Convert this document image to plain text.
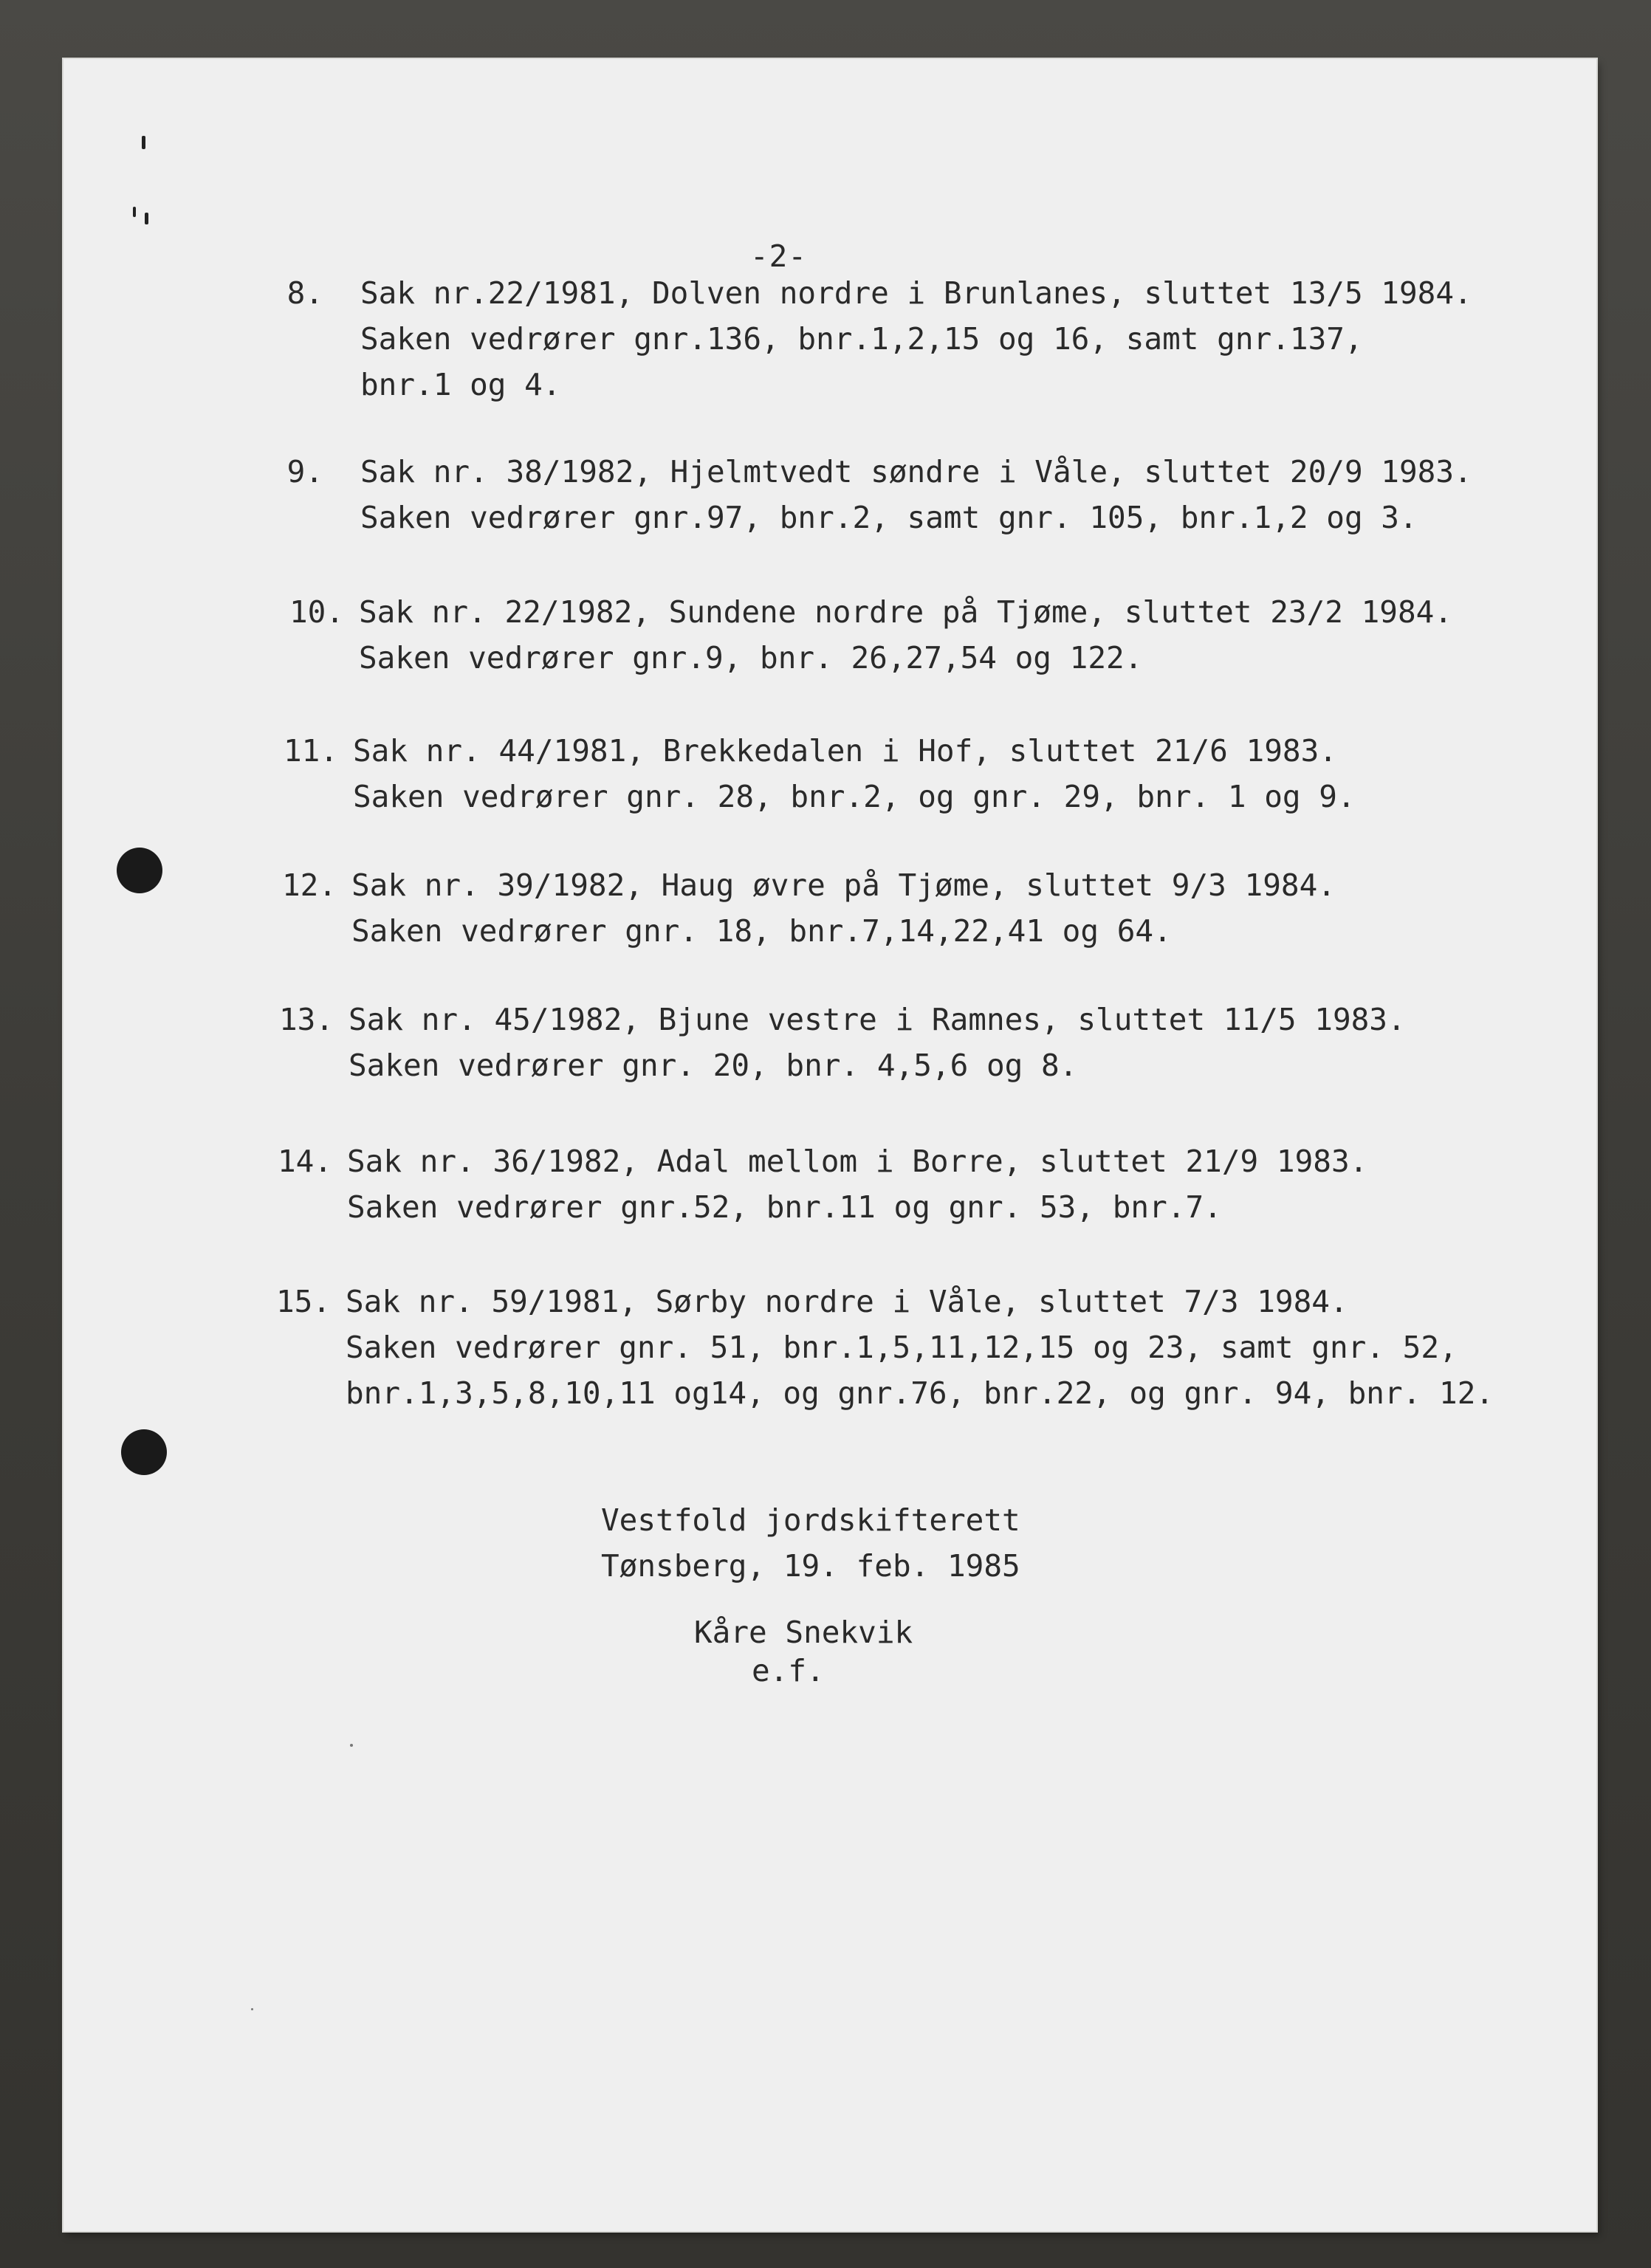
-2-
8. Sak nr.22/1981, Dolven nordre i Brunlanes, sluttet 13/5 1984.
Saken vedrører gnr.136, bnr.1,2,15 og 16, samt gnr.137,
bnr.1 og 4.
9. Sak nr. 38/1982, Hjelmtvedt søndre i Våle, sluttet 20/9 1983.
Saken vedrører gnr.97, bnr.2, samt gnr. 105, bnr.1,2 og 3.
10. Sak nr. 22/1982, Sundene nordre på Tjøme, sluttet 23/2 1984.
Saken vedrører gnr.9, bnr. 26,27,54 og 122.
11. Sak nr. 44/1981, Brekkedalen i Hof, sluttet 21/6 1983.
Saken vedrører gnr. 28, bnr.2, og gnr. 29, bnr. 1 og 9.
12. Sak nr. 39/1982, Haug øvre på Tjøme, sluttet 9/3 1984.
Saken vedrører gnr. 18, bnr.7,14,22,41 og 64.
13. Sak nr. 45/1982, Bjune vestre i Ramnes, sluttet 11/5 1983.
Saken vedrører gnr. 20, bnr. 4,5,6 og 8.
14. Sak nr. 36/1982, Adal mellom i Borre, sluttet 21/9 1983.
Saken vedrører gnr.52, bnr.11 og gnr. 53, bnr.7.
15. Sak nr. 59/1981, Sørby nordre i Våle, sluttet 7/3 1984.
Saken vedrører gnr. 51, bnr.1,5,11,12,15 og 23, samt gnr. 52,
bnr.1,3,5,8,10,11 og14, og gnr.76, bnr.22, og gnr. 94, bnr. 12.
Vestfold jordskifterett
Tønsberg, 19. feb. 1985
Kåre Snekvik
e.f.
